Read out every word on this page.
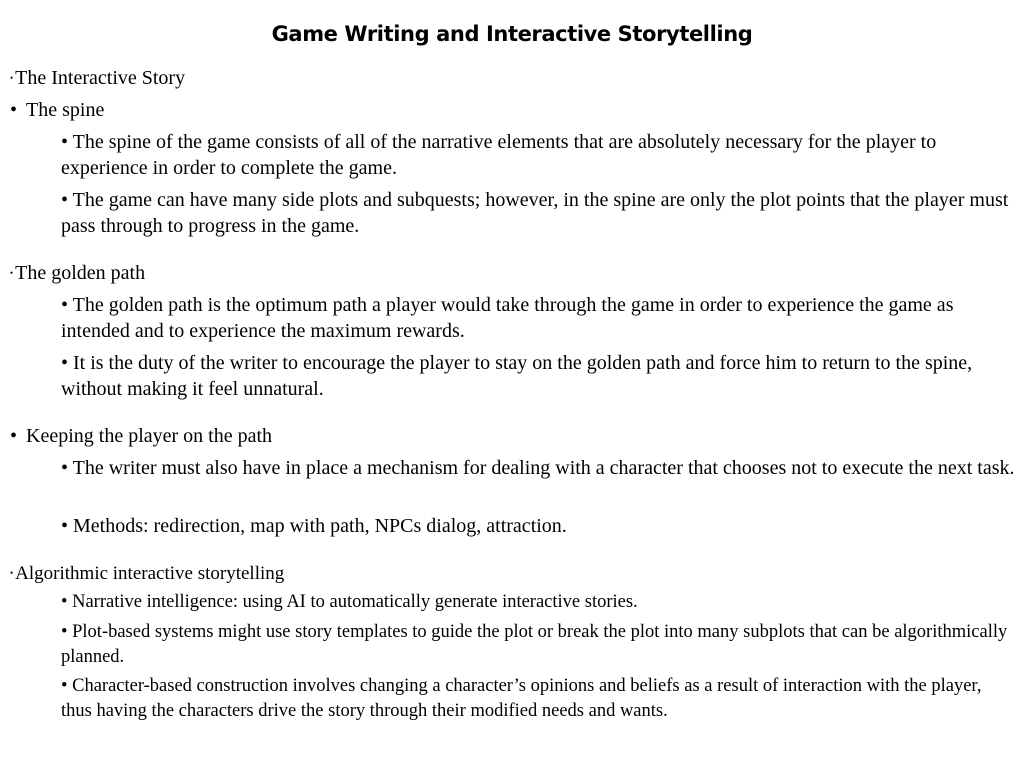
Game Writing and Interactive Storytelling
• The Interactive Story
• The spine
• The spine of the game consists of all of the narrative elements that are absolutely necessary for the player to experience in order to complete the game.
• The game can have many side plots and subquests; however, in the spine are only the plot points that the player must pass through to progress in the game.
• The golden path
• The golden path is the optimum path a player would take through the game in order to experience the game as intended and to experience the maximum rewards.
• It is the duty of the writer to encourage the player to stay on the golden path and force him to return to the spine, without making it feel unnatural.
• Keeping the player on the path
• The writer must also have in place a mechanism for dealing with a character that chooses not to execute the next task.
• Methods: redirection, map with path, NPCs dialog, attraction.
• Algorithmic interactive storytelling
• Narrative intelligence: using AI to automatically generate interactive stories.
• Plot-based systems might use story templates to guide the plot or break the plot into many subplots that can be algorithmically planned.
• Character-based construction involves changing a character’s opinions and beliefs as a result of interaction with the player, thus having the characters drive the story through their modified needs and wants.
